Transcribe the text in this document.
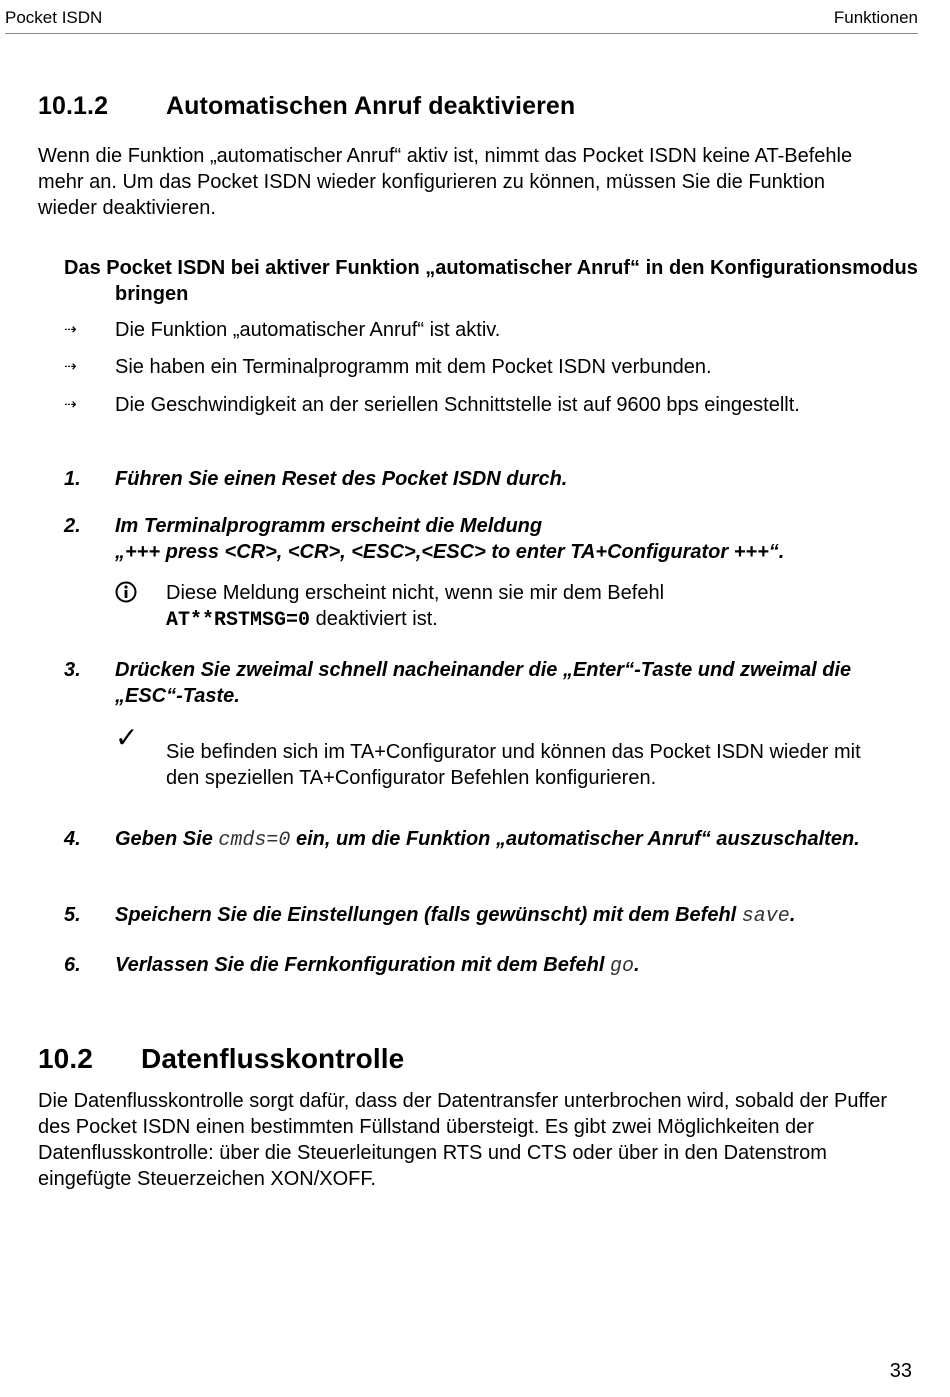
Pocket ISDN	Funktionen
10.1.2 Automatischen Anruf deaktivieren
Wenn die Funktion „automatischer Anruf“ aktiv ist, nimmt das Pocket ISDN keine AT-Befehle mehr an. Um das Pocket ISDN wieder konfigurieren zu können, müssen Sie die Funktion wieder deaktivieren.
Das Pocket ISDN bei aktiver Funktion „automatischer Anruf“ in den Konfigurationsmodus bringen
⇢	Die Funktion „automatischer Anruf“ ist aktiv.
⇢	Sie haben ein Terminalprogramm mit dem Pocket ISDN verbunden.
⇢	Die Geschwindigkeit an der seriellen Schnittstelle ist auf 9600 bps eingestellt.
1. Führen Sie einen Reset des Pocket ISDN durch.
2. Im Terminalprogramm erscheint die Meldung
„+++ press <CR>, <CR>, <ESC>,<ESC> to enter TA+Configurator +++“.
Diese Meldung erscheint nicht, wenn sie mir dem Befehl
AT**RSTMSG=0 deaktiviert ist.
3. Drücken Sie zweimal schnell nacheinander die „Enter“-Taste und zweimal die „ESC“-Taste.
✓ Sie befinden sich im TA+Configurator und können das Pocket ISDN wieder mit den speziellen TA+Configurator Befehlen konfigurieren.
4. Geben Sie cmds=0 ein, um die Funktion „automatischer Anruf“ auszuschalten.
5. Speichern Sie die Einstellungen (falls gewünscht) mit dem Befehl save.
6. Verlassen Sie die Fernkonfiguration mit dem Befehl go.
10.2 Datenflusskontrolle
Die Datenflusskontrolle sorgt dafür, dass der Datentransfer unterbrochen wird, sobald der Puffer des Pocket ISDN einen bestimmten Füllstand übersteigt. Es gibt zwei Möglichkeiten der Datenflusskontrolle: über die Steuerleitungen RTS und CTS oder über in den Datenstrom eingefügte Steuerzeichen XON/XOFF.
33
